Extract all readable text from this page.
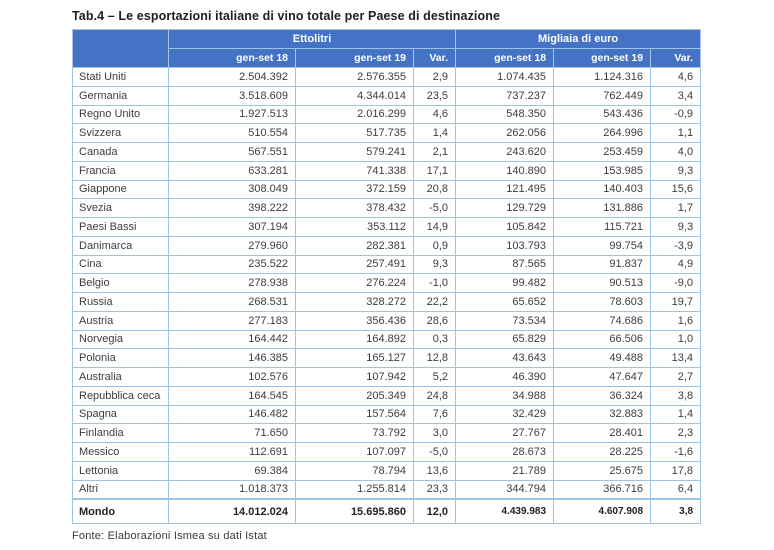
Tab.4 – Le esportazioni italiane di vino totale per Paese di destinazione
	Ettolitri			Migliaia di euro		
	gen-set 18	gen-set 19	Var.	gen-set 18	gen-set 19	Var.
Stati Uniti	2.504.392	2.576.355	2,9	1.074.435	1.124.316	4,6
Germania	3.518.609	4.344.014	23,5	737.237	762.449	3,4
Regno Unito	1.927.513	2.016.299	4,6	548.350	543.436	-0,9
Svizzera	510.554	517.735	1,4	262.056	264.996	1,1
Canada	567.551	579.241	2,1	243.620	253.459	4,0
Francia	633.281	741.338	17,1	140.890	153.985	9,3
Giappone	308.049	372.159	20,8	121.495	140.403	15,6
Svezia	398.222	378.432	-5,0	129.729	131.886	1,7
Paesi Bassi	307.194	353.112	14,9	105.842	115.721	9,3
Danimarca	279.960	282.381	0,9	103.793	99.754	-3,9
Cina	235.522	257.491	9,3	87.565	91.837	4,9
Belgio	278.938	276.224	-1,0	99.482	90.513	-9,0
Russia	268.531	328.272	22,2	65.652	78.603	19,7
Austria	277.183	356.436	28,6	73.534	74.686	1,6
Norvegia	164.442	164.892	0,3	65.829	66.506	1,0
Polonia	146.385	165.127	12,8	43.643	49.488	13,4
Australia	102.576	107.942	5,2	46.390	47.647	2,7
Repubblica ceca	164.545	205.349	24,8	34.988	36.324	3,8
Spagna	146.482	157.564	7,6	32.429	32.883	1,4
Finlandia	71.650	73.792	3,0	27.767	28.401	2,3
Messico	112.691	107.097	-5,0	28.673	28.225	-1,6
Lettonia	69.384	78.794	13,6	21.789	25.675	17,8
Altri	1.018.373	1.255.814	23,3	344.794	366.716	6,4
Mondo	14.012.024	15.695.860	12,0	4.439.983	4.607.908	3,8
Fonte: Elaborazioni Ismea su dati Istat
